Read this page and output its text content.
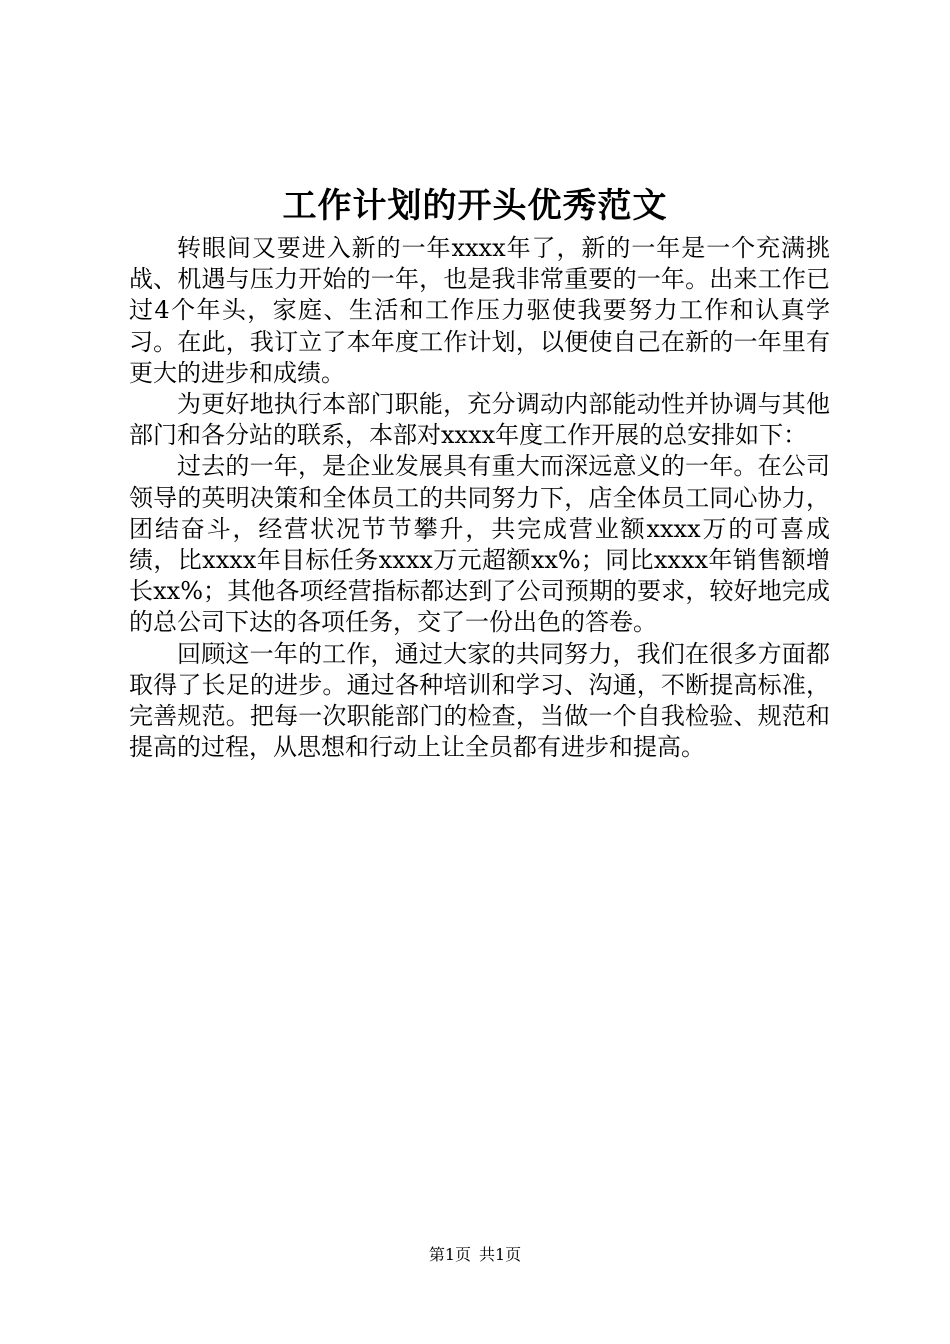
工作计划的开头优秀范文

转眼间又要进入新的一年xxxx年了，新的一年是一个充满挑战、机遇与压力开始的一年，也是我非常重要的一年。出来工作已过4个年头，家庭、生活和工作压力驱使我要努力工作和认真学习。在此，我订立了本年度工作计划，以便使自己在新的一年里有更大的进步和成绩。

为更好地执行本部门职能，充分调动内部能动性并协调与其他部门和各分站的联系，本部对xxxx年度工作开展的总安排如下：

过去的一年，是企业发展具有重大而深远意义的一年。在公司领导的英明决策和全体员工的共同努力下，店全体员工同心协力，团结奋斗，经营状况节节攀升，共完成营业额xxxx万的可喜成绩，比xxxx年目标任务xxxx万元超额xx%；同比xxxx年销售额增长xx%；其他各项经营指标都达到了公司预期的要求，较好地完成的总公司下达的各项任务，交了一份出色的答卷。

回顾这一年的工作，通过大家的共同努力，我们在很多方面都取得了长足的进步。通过各种培训和学习、沟通，不断提高标准，完善规范。把每一次职能部门的检查，当做一个自我检验、规范和提高的过程，从思想和行动上让全员都有进步和提高。

第1页 共1页
